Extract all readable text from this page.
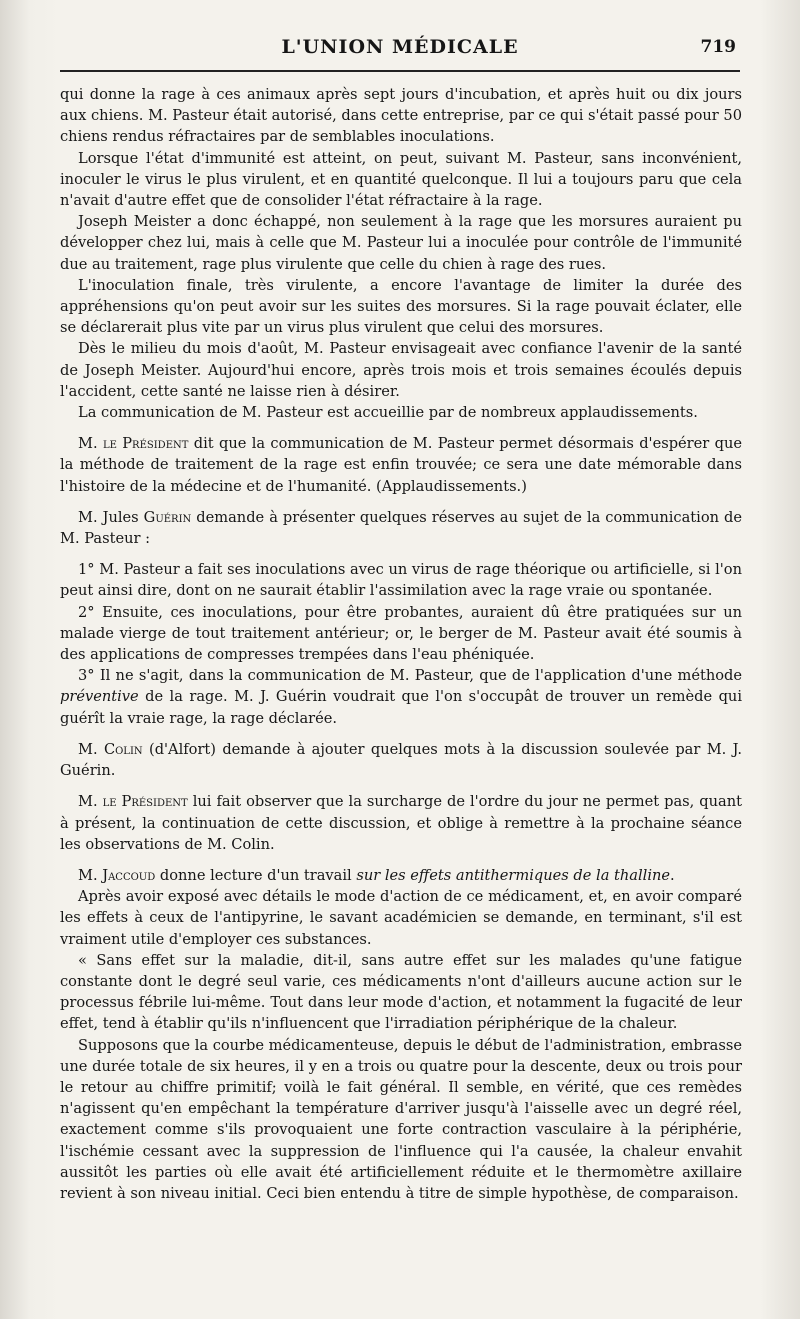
L'UNION MÉDICALE	719

qui donne la rage à ces animaux après sept jours d'incubation, et après huit ou dix jours aux chiens. M. Pasteur était autorisé, dans cette entreprise, par ce qui s'était passé pour 50 chiens rendus réfractaires par de semblables inoculations.

Lorsque l'état d'immunité est atteint, on peut, suivant M. Pasteur, sans inconvénient, inoculer le virus le plus virulent, et en quantité quelconque. Il lui a toujours paru que cela n'avait d'autre effet que de consolider l'état réfractaire à la rage.

Joseph Meister a donc échappé, non seulement à la rage que les morsures auraient pu développer chez lui, mais à celle que M. Pasteur lui a inoculée pour contrôle de l'immunité due au traitement, rage plus virulente que celle du chien à rage des rues.

L'inoculation finale, très virulente, a encore l'avantage de limiter la durée des appréhensions qu'on peut avoir sur les suites des morsures. Si la rage pouvait éclater, elle se déclarerait plus vite par un virus plus virulent que celui des morsures.

Dès le milieu du mois d'août, M. Pasteur envisageait avec confiance l'avenir de la santé de Joseph Meister. Aujourd'hui encore, après trois mois et trois semaines écoulés depuis l'accident, cette santé ne laisse rien à désirer.

La communication de M. Pasteur est accueillie par de nombreux applaudissements.

M. le Président dit que la communication de M. Pasteur permet désormais d'espérer que la méthode de traitement de la rage est enfin trouvée; ce sera une date mémorable dans l'histoire de la médecine et de l'humanité. (Applaudissements.)

M. Jules Guérin demande à présenter quelques réserves au sujet de la communication de M. Pasteur :

1° M. Pasteur a fait ses inoculations avec un virus de rage théorique ou artificielle, si l'on peut ainsi dire, dont on ne saurait établir l'assimilation avec la rage vraie ou spontanée.

2° Ensuite, ces inoculations, pour être probantes, auraient dû être pratiquées sur un malade vierge de tout traitement antérieur; or, le berger de M. Pasteur avait été soumis à des applications de compresses trempées dans l'eau phéniquée.

3° Il ne s'agit, dans la communication de M. Pasteur, que de l'application d'une méthode préventive de la rage. M. J. Guérin voudrait que l'on s'occupât de trouver un remède qui guérît la vraie rage, la rage déclarée.

M. Colin (d'Alfort) demande à ajouter quelques mots à la discussion soulevée par M. J. Guérin.

M. le Président lui fait observer que la surcharge de l'ordre du jour ne permet pas, quant à présent, la continuation de cette discussion, et oblige à remettre à la prochaine séance les observations de M. Colin.

M. Jaccoud donne lecture d'un travail sur les effets antithermiques de la thalline.

Après avoir exposé avec détails le mode d'action de ce médicament, et, en avoir comparé les effets à ceux de l'antipyrine, le savant académicien se demande, en terminant, s'il est vraiment utile d'employer ces substances.

« Sans effet sur la maladie, dit-il, sans autre effet sur les malades qu'une fatigue constante dont le degré seul varie, ces médicaments n'ont d'ailleurs aucune action sur le processus fébrile lui-même. Tout dans leur mode d'action, et notamment la fugacité de leur effet, tend à établir qu'ils n'influencent que l'irradiation périphérique de la chaleur.

Supposons que la courbe médicamenteuse, depuis le début de l'administration, embrasse une durée totale de six heures, il y en a trois ou quatre pour la descente, deux ou trois pour le retour au chiffre primitif; voilà le fait général. Il semble, en vérité, que ces remèdes n'agissent qu'en empêchant la température d'arriver jusqu'à l'aisselle avec un degré réel, exactement comme s'ils provoquaient une forte contraction vasculaire à la périphérie, l'ischémie cessant avec la suppression de l'influence qui l'a causée, la chaleur envahit aussitôt les parties où elle avait été artificiellement réduite et le thermomètre axillaire revient à son niveau initial. Ceci bien entendu à titre de simple hypothèse, de comparaison.
